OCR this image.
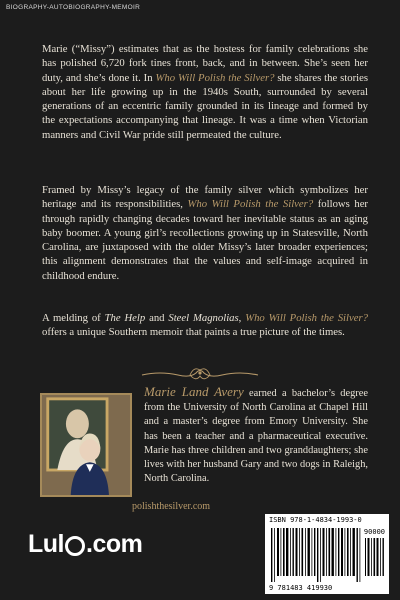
BIOGRAPHY-AUTOBIOGRAPHY-MEMOIR

Marie (“Missy”) estimates that as the hostess for family celebrations she has polished 6,720 fork tines front, back, and in between. She’s seen her duty, and she’s done it. In Who Will Polish the Silver? she shares the stories about her life growing up in the 1940s South, surrounded by several generations of an eccentric family grounded in its lineage and formed by the expectations accompanying that lineage. It was a time when Victorian manners and Civil War pride still permeated the culture.

Framed by Missy’s legacy of the family silver which symbolizes her heritage and its responsibilities, Who Will Polish the Silver? follows her through rapidly changing decades toward her inevitable status as an aging baby boomer. A young girl’s recollections growing up in Statesville, North Carolina, are juxtaposed with the older Missy’s later broader experiences; this alignment demonstrates that the values and self-image acquired in childhood endure.

A melding of The Help and Steel Magnolias, Who Will Polish the Silver? offers a unique Southern memoir that paints a true picture of the times.

Marie Land Avery earned a bachelor’s degree from the University of North Carolina at Chapel Hill and a master’s degree from Emory University. She has been a teacher and a pharmaceutical executive. Marie has three children and two granddaughters; she lives with her husband Gary and two dogs in Raleigh, North Carolina.

polishthesilver.com
Lul .com
ISBN 978-1-4834-1993-0
90000
9 781483 419930
